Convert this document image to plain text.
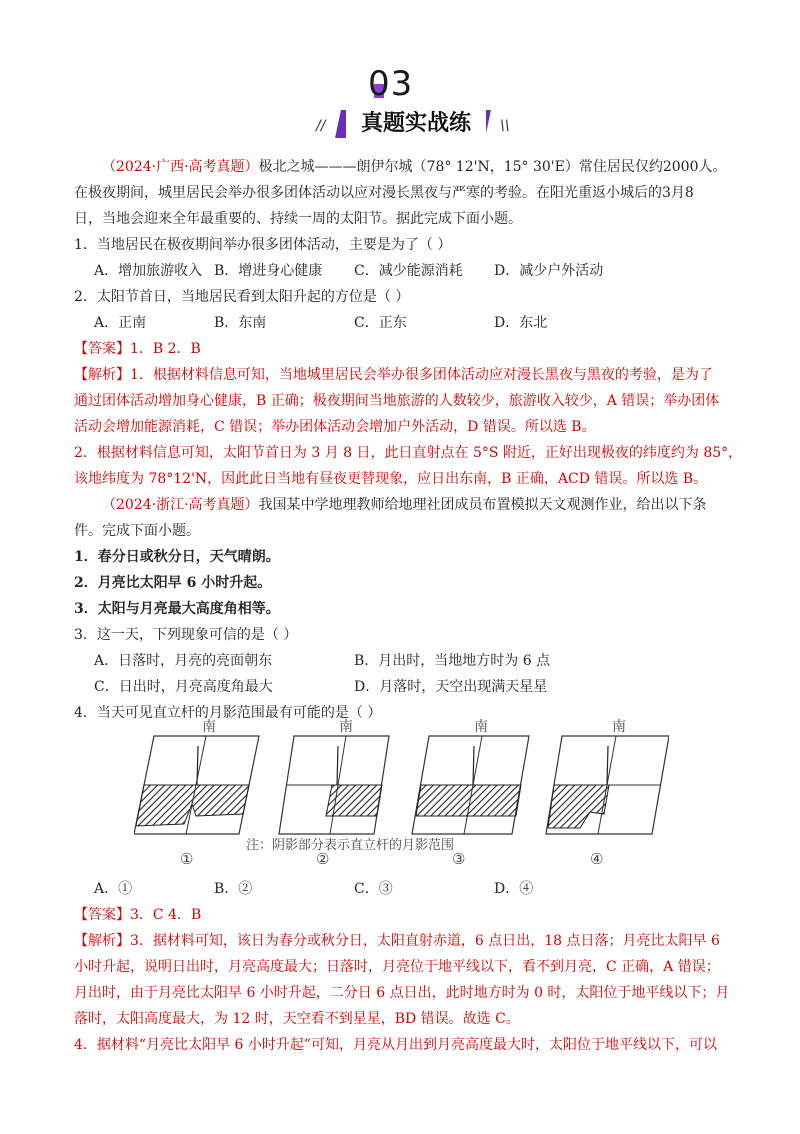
03
//	真题实战练	\\
（2024·广西·高考真题）极北之城———朗伊尔城（78° 12'N，15° 30'E）常住居民仅约2000人。
在极夜期间，城里居民会举办很多团体活动以应对漫长黑夜与严寒的考验。在阳光重返小城后的3月8
日，当地会迎来全年最重要的、持续一周的太阳节。据此完成下面小题。
1．当地居民在极夜期间举办很多团体活动，主要是为了（ ）
A．增加旅游收入 B．增进身心健康 C．减少能源消耗 D．减少户外活动
2．太阳节首日，当地居民看到太阳升起的方位是（ ）
A．正南	B．东南	C．正东	D．东北
【答案】1．B 2．B
【解析】1．根据材料信息可知，当地城里居民会举办很多团体活动应对漫长黑夜与黑夜的考验，是为了
通过团体活动增加身心健康，B 正确；极夜期间当地旅游的人数较少，旅游收入较少，A 错误；举办团体
活动会增加能源消耗，C 错误；举办团体活动会增加户外活动，D 错误。所以选 B。
2．根据材料信息可知，太阳节首日为 3 月 8 日，此日直射点在 5°S 附近，正好出现极夜的纬度约为 85°，
该地纬度为 78°12'N，因此此日当地有昼夜更替现象，应日出东南，B 正确，ACD 错误。所以选 B。
（2024·浙江·高考真题）我国某中学地理教师给地理社团成员布置模拟天文观测作业，给出以下条
件。完成下面小题。
1．春分日或秋分日，天气晴朗。
2．月亮比太阳早 6 小时升起。
3．太阳与月亮最大高度角相等。
3．这一天，下列现象可信的是（ ）
A．日落时，月亮的亮面朝东	B．月出时，当地地方时为 6 点
C．日出时，月亮高度角最大	D．月落时，天空出现满天星星
4．当天可见直立杆的月影范围最有可能的是（ ）
南	南	南	南
注：阴影部分表示直立杆的月影范围
①	②	③	④
A．①	B．②	C．③	D．④
【答案】3．C 4．B
【解析】3．据材料可知，该日为春分或秋分日，太阳直射赤道，6 点日出，18 点日落；月亮比太阳早 6
小时升起，说明日出时，月亮高度最大；日落时，月亮位于地平线以下，看不到月亮，C 正确，A 错误；
月出时，由于月亮比太阳早 6 小时升起，二分日 6 点日出，此时地方时为 0 时，太阳位于地平线以下；月
落时，太阳高度最大，为 12 时，天空看不到星星，BD 错误。故选 C。
4．据材料“月亮比太阳早 6 小时升起”可知，月亮从月出到月亮高度最大时，太阳位于地平线以下，可以
